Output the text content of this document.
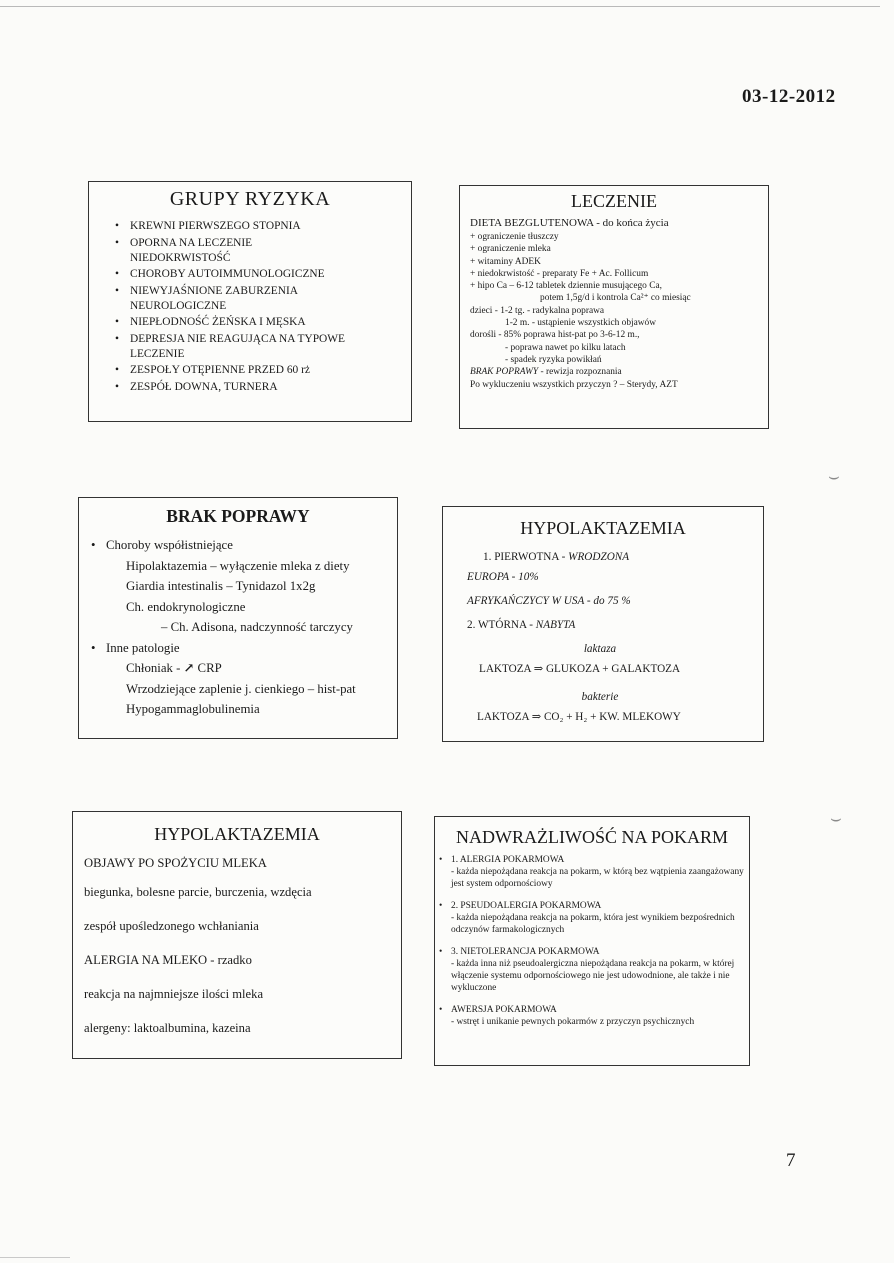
03-12-2012
⌣
⌣
GRUPY RYZYKA
• KREWNI PIERWSZEGO STOPNIA
• OPORNA NA LECZENIE NIEDOKRWISTOŚĆ
• CHOROBY AUTOIMMUNOLOGICZNE
• NIEWYJAŚNIONE ZABURZENIA NEUROLOGICZNE
• NIEPŁODNOŚĆ ŻEŃSKA I MĘSKA
• DEPRESJA NIE REAGUJĄCA NA TYPOWE LECZENIE
• ZESPOŁY OTĘPIENNE PRZED 60 rż
• ZESPÓŁ DOWNA, TURNERA
LECZENIE
DIETA BEZGLUTENOWA - do końca życia
+ ograniczenie tłuszczy
+ ograniczenie mleka
+ witaminy ADEK
+ niedokrwistość - preparaty Fe + Ac. Follicum
+ hipo Ca – 6-12 tabletek dziennie musującego Ca,
potem 1,5g/d i kontrola Ca²⁺ co miesiąc
dzieci - 1-2 tg. - radykalna poprawa
1-2 m. - ustąpienie wszystkich objawów
dorośli - 85% poprawa hist-pat po 3-6-12 m.,
- poprawa nawet po kilku latach
- spadek ryzyka powikłań
BRAK POPRAWY - rewizja rozpoznania
Po wykluczeniu wszystkich przyczyn ? – Sterydy, AZT
BRAK POPRAWY
• Choroby współistniejące
Hipolaktazemia – wyłączenie mleka z diety
Giardia intestinalis – Tynidazol 1x2g
Ch. endokrynologiczne
– Ch. Adisona, nadczynność tarczycy
• Inne patologie
Chłoniak - ↗ CRP
Wrzodziejące zaplenie j. cienkiego – hist-pat
Hypogammaglobulinemia
HYPOLAKTAZEMIA
1. PIERWOTNA - WRODZONA
EUROPA - 10%
AFRYKAŃCZYCY W USA - do 75 %
2. WTÓRNA - NABYTA
laktaza
LAKTOZA ⇒ GLUKOZA + GALAKTOZA
bakterie
LAKTOZA ⇒ CO₂ + H₂ + KW. MLEKOWY
HYPOLAKTAZEMIA
OBJAWY PO SPOŻYCIU MLEKA
biegunka, bolesne parcie, burczenia, wzdęcia
zespół upośledzonego wchłaniania
ALERGIA NA MLEKO - rzadko
reakcja na najmniejsze ilości mleka
alergeny: laktoalbumina, kazeina
NADWRAŻLIWOŚĆ NA POKARM
• 1. ALERGIA POKARMOWA
- każda niepożądana reakcja na pokarm, w którą bez wątpienia zaangażowany jest system odpornościowy
• 2. PSEUDOALERGIA POKARMOWA
- każda niepożądana reakcja na pokarm, która jest wynikiem bezpośrednich odczynów farmakologicznych
• 3. NIETOLERANCJA POKARMOWA
- każda inna niż pseudoalergiczna niepożądana reakcja na pokarm, w której włączenie systemu odpornościowego nie jest udowodnione, ale także i nie wykluczone
• AWERSJA POKARMOWA
- wstręt i unikanie pewnych pokarmów z przyczyn psychicznych
7
